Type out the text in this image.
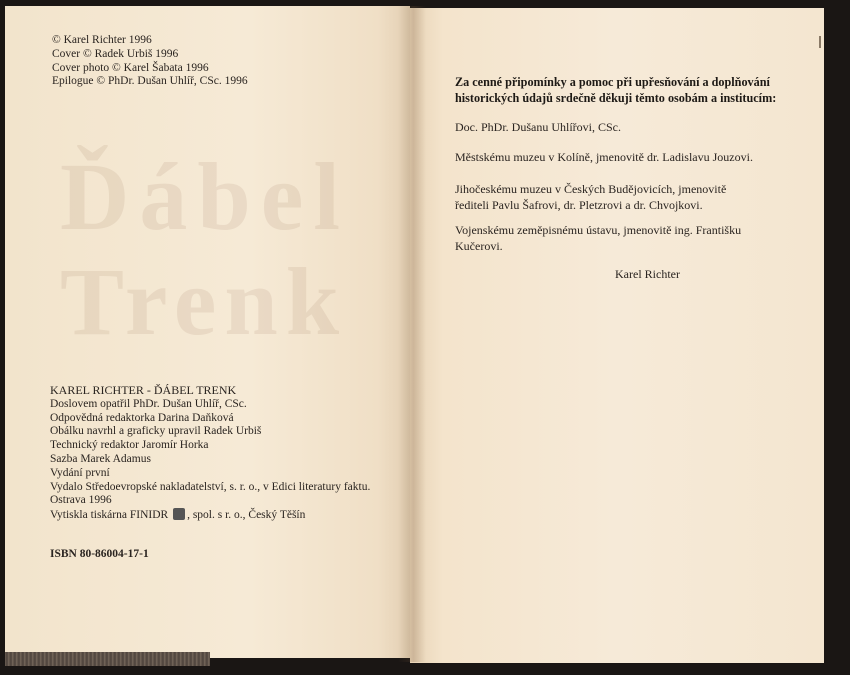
Ďábel
Trenk
© Karel Richter 1996
Cover © Radek Urbiš 1996
Cover photo © Karel Šabata 1996
Epilogue © PhDr. Dušan Uhlíř, CSc. 1996
KAREL RICHTER - ĎÁBEL TRENK
Doslovem opatřil PhDr. Dušan Uhlíř, CSc.
Odpovědná redaktorka Darina Daňková
Obálku navrhl a graficky upravil Radek Urbiš
Technický redaktor Jaromír Horka
Sazba Marek Adamus
Vydání první
Vydalo Středoevropské nakladatelství, s. r. o., v Edici literatury faktu.
Ostrava 1996
Vytiskla tiskárna FINIDR , spol. s r. o., Český Těšín
ISBN 80-86004-17-1
Za cenné připomínky a pomoc při upřesňování a doplňování
historických údajů srdečně děkuji těmto osobám a institucím:
Doc. PhDr. Dušanu Uhlířovi, CSc.
Městskému muzeu v Kolíně, jmenovitě dr. Ladislavu Jouzovi.
Jihočeskému muzeu v Českých Budějovicích, jmenovitě
řediteli Pavlu Šafrovi, dr. Pletzrovi a dr. Chvojkovi.
Vojenskému zeměpisnému ústavu, jmenovitě ing. Františku
Kučerovi.
Karel Richter
